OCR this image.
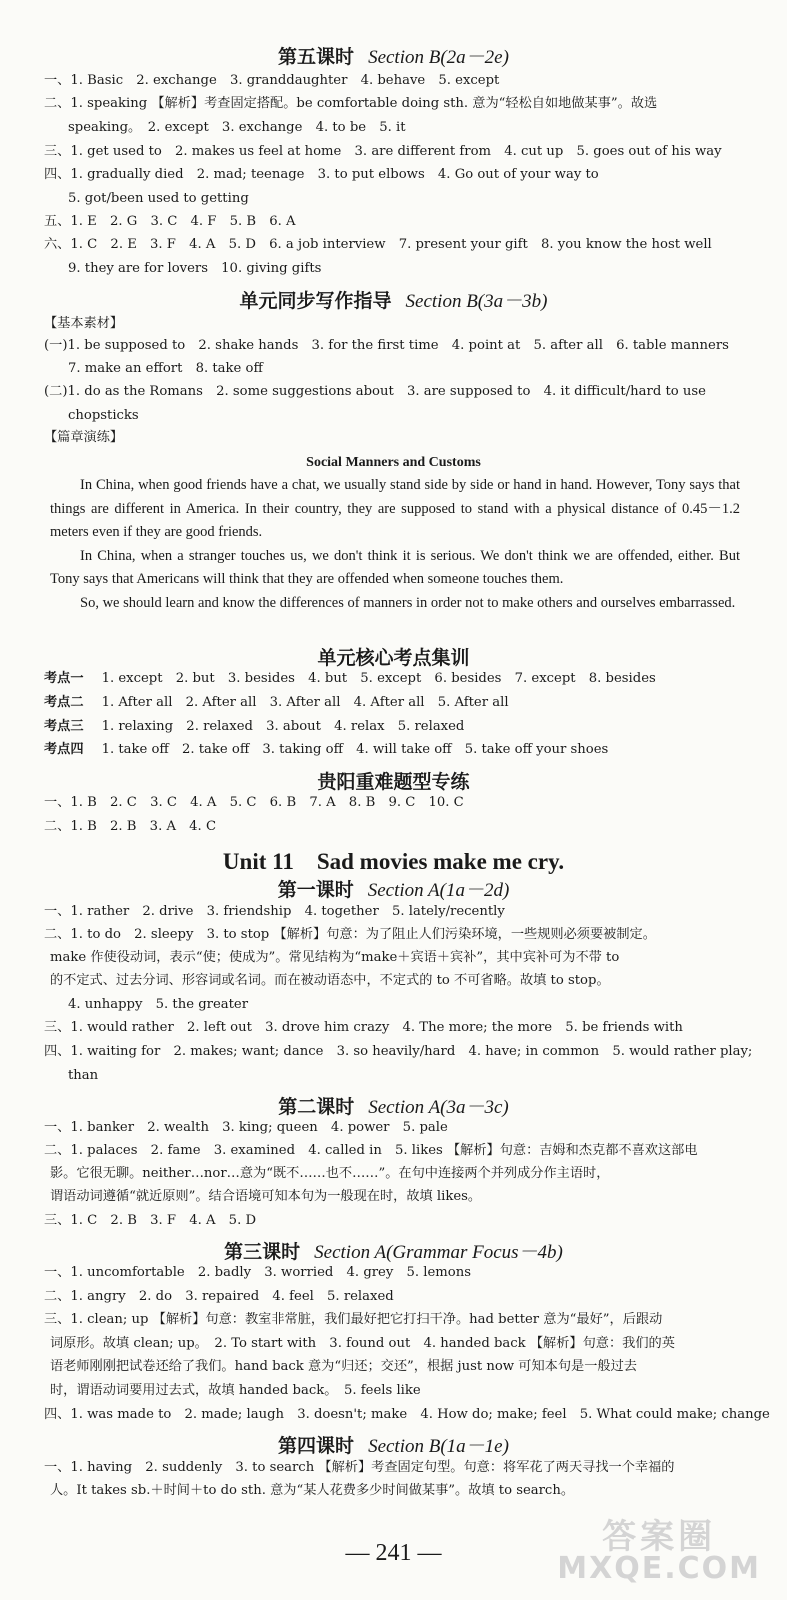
第五课时 Section B(2a－2e)
一、1. Basic　2. exchange　3. granddaughter　4. behave　5. except
二、1. speaking 【解析】考查固定搭配。be comfortable doing sth. 意为“轻松自如地做某事”。故选
speaking。　2. except　3. exchange　4. to be　5. it
三、1. get used to　2. makes us feel at home　3. are different from　4. cut up　5. goes out of his way
四、1. gradually died　2. mad; teenage　3. to put elbows　4. Go out of your way to
5. got/been used to getting
五、1. E　2. G　3. C　4. F　5. B　6. A
六、1. C　2. E　3. F　4. A　5. D　6. a job interview　7. present your gift　8. you know the host well
9. they are for lovers　10. giving gifts
单元同步写作指导 Section B(3a－3b)
【基本素材】
(一)1. be supposed to　2. shake hands　3. for the first time　4. point at　5. after all　6. table manners
7. make an effort　8. take off
(二)1. do as the Romans　2. some suggestions about　3. are supposed to　4. it difficult/hard to use
chopsticks
【篇章演练】
Social Manners and Customs

In China, when good friends have a chat, we usually stand side by side or hand in hand. However, Tony says that things are different in America. In their country, they are supposed to stand with a physical distance of 0.45－1.2 meters even if they are good friends.

In China, when a stranger touches us, we don't think it is serious. We don't think we are offended, either. But Tony says that Americans will think that they are offended when someone touches them.

So, we should learn and know the differences of manners in order not to make others and ourselves embarrassed.

单元核心考点集训
考点一 1. except　2. but　3. besides　4. but　5. except　6. besides　7. except　8. besides
考点二 1. After all　2. After all　3. After all　4. After all　5. After all
考点三 1. relaxing　2. relaxed　3. about　4. relax　5. relaxed
考点四 1. take off　2. take off　3. taking off　4. will take off　5. take off your shoes
贵阳重难题型专练
一、1. B　2. C　3. C　4. A　5. C　6. B　7. A　8. B　9. C　10. C
二、1. B　2. B　3. A　4. C
Unit 11　Sad movies make me cry.
第一课时 Section A(1a－2d)
一、1. rather　2. drive　3. friendship　4. together　5. lately/recently
二、1. to do　2. sleepy　3. to stop 【解析】句意：为了阻止人们污染环境，一些规则必须要被制定。
make 作使役动词，表示“使；使成为”。常见结构为“make＋宾语＋宾补”，其中宾补可为不带 to
的不定式、过去分词、形容词或名词。而在被动语态中，不定式的 to 不可省略。故填 to stop。
4. unhappy　5. the greater
三、1. would rather　2. left out　3. drove him crazy　4. The more; the more　5. be friends with
四、1. waiting for　2. makes; want; dance　3. so heavily/hard　4. have; in common　5. would rather play;
than
第二课时 Section A(3a－3c)
一、1. banker　2. wealth　3. king; queen　4. power　5. pale
二、1. palaces　2. fame　3. examined　4. called in　5. likes 【解析】句意：吉姆和杰克都不喜欢这部电
影。它很无聊。neither…nor…意为“既不……也不……”。在句中连接两个并列成分作主语时，
谓语动词遵循“就近原则”。结合语境可知本句为一般现在时，故填 likes。
三、1. C　2. B　3. F　4. A　5. D
第三课时 Section A(Grammar Focus－4b)
一、1. uncomfortable　2. badly　3. worried　4. grey　5. lemons
二、1. angry　2. do　3. repaired　4. feel　5. relaxed
三、1. clean; up 【解析】句意：教室非常脏，我们最好把它打扫干净。had better 意为“最好”，后跟动
词原形。故填 clean; up。　2. To start with　3. found out　4. handed back 【解析】句意：我们的英
语老师刚刚把试卷还给了我们。hand back 意为“归还；交还”，根据 just now 可知本句是一般过去
时，谓语动词要用过去式，故填 handed back。　5. feels like
四、1. was made to　2. made; laugh　3. doesn't; make　4. How do; make; feel　5. What could make; change
第四课时 Section B(1a－1e)
一、1. having　2. suddenly　3. to search 【解析】考查固定句型。句意：将军花了两天寻找一个幸福的
人。It takes sb.＋时间＋to do sth. 意为“某人花费多少时间做某事”。故填 to search。
— 241 —	答案圈
MXQE.COM
